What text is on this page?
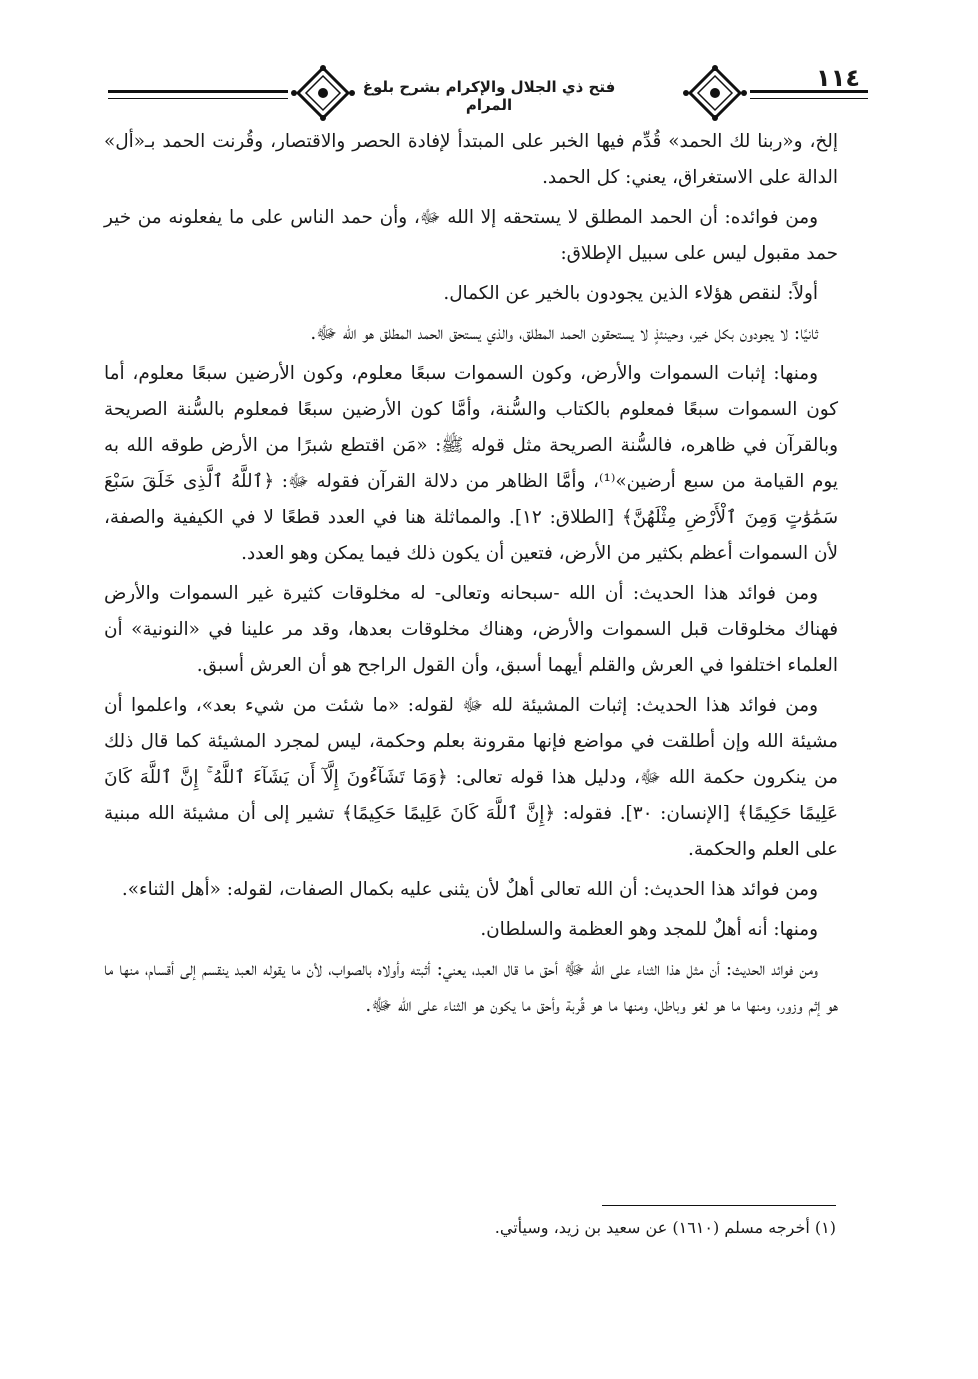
فتح ذي الجلال والإكرام بشرح بلوغ المرام
١١٤

إلخ، و«ربنا لك الحمد» قُدِّم فيها الخبر على المبتدأ لإفادة الحصر والاقتصار، وقُرنت الحمد بـ«أل» الدالة على الاستغراق، يعني: كل الحمد.

ومن فوائده: أن الحمد المطلق لا يستحقه إلا الله ﷻ، وأن حمد الناس على ما يفعلونه من خير حمد مقبول ليس على سبيل الإطلاق:

أولاً: لنقص هؤلاء الذين يجودون بالخير عن الكمال.

ثانيًا: لا يجودون بكل خير، وحينئذٍ لا يستحقون الحمد المطلق، والذي يستحق الحمد المطلق هو الله ﷻ.

ومنها: إثبات السموات والأرض، وكون السموات سبعًا معلوم، وكون الأرضين سبعًا معلوم، أما كون السموات سبعًا فمعلوم بالكتاب والسُّنة، وأمَّا كون الأرضين سبعًا فمعلوم بالسُّنة الصريحة وبالقرآن في ظاهره، فالسُّنة الصريحة مثل قوله ﷺ: «مَن اقتطع شبرًا من الأرض طوقه الله به يوم القيامة من سبع أرضين»⁽¹⁾، وأمَّا الظاهر من دلالة القرآن فقوله ﷻ: ﴿ٱللَّهُ ٱلَّذِى خَلَقَ سَبْعَ سَمَٰوَٰتٍ وَمِنَ ٱلْأَرْضِ مِثْلَهُنَّ﴾ [الطلاق: ١٢]. والمماثلة هنا في العدد قطعًا لا في الكيفية والصفة، لأن السموات أعظم بكثير من الأرض، فتعين أن يكون ذلك فيما يمكن وهو العدد.

ومن فوائد هذا الحديث: أن الله -سبحانه وتعالى- له مخلوقات كثيرة غير السموات والأرض فهناك مخلوقات قبل السموات والأرض، وهناك مخلوقات بعدها، وقد مر علينا في «النونية» أن العلماء اختلفوا في العرش والقلم أيهما أسبق، وأن القول الراجح هو أن العرش أسبق.

ومن فوائد هذا الحديث: إثبات المشيئة لله ﷻ لقوله: «ما شئت من شيء بعد»، واعلموا أن مشيئة الله وإن أطلقت في مواضع فإنها مقرونة بعلم وحكمة، ليس لمجرد المشيئة كما قال ذلك من ينكرون حكمة الله ﷻ، ودليل هذا قوله تعالى: ﴿وَمَا تَشَآءُونَ إِلَّآ أَن يَشَآءَ ٱللَّهُ ۚ إِنَّ ٱللَّهَ كَانَ عَلِيمًا حَكِيمًا﴾ [الإنسان: ٣٠]. فقوله: ﴿إِنَّ ٱللَّهَ كَانَ عَلِيمًا حَكِيمًا﴾ تشير إلى أن مشيئة الله مبنية على العلم والحكمة.

ومن فوائد هذا الحديث: أن الله تعالى أهلٌ لأن يثنى عليه بكمال الصفات، لقوله: «أهل الثناء».

ومنها: أنه أهلٌ للمجد وهو العظمة والسلطان.

ومن فوائد الحديث: أن مثل هذا الثناء على الله ﷻ أحق ما قال العبد، يعني: أثبته وأولاه بالصواب، لأن ما يقوله العبد ينقسم إلى أقسام، منها ما هو إثم وزور، ومنها ما هو لغو وباطل، ومنها ما هو قُربة وأحق ما يكون هو الثناء على الله ﷻ.

(١) أخرجه مسلم (١٦١٠) عن سعيد بن زيد، وسيأتي.
